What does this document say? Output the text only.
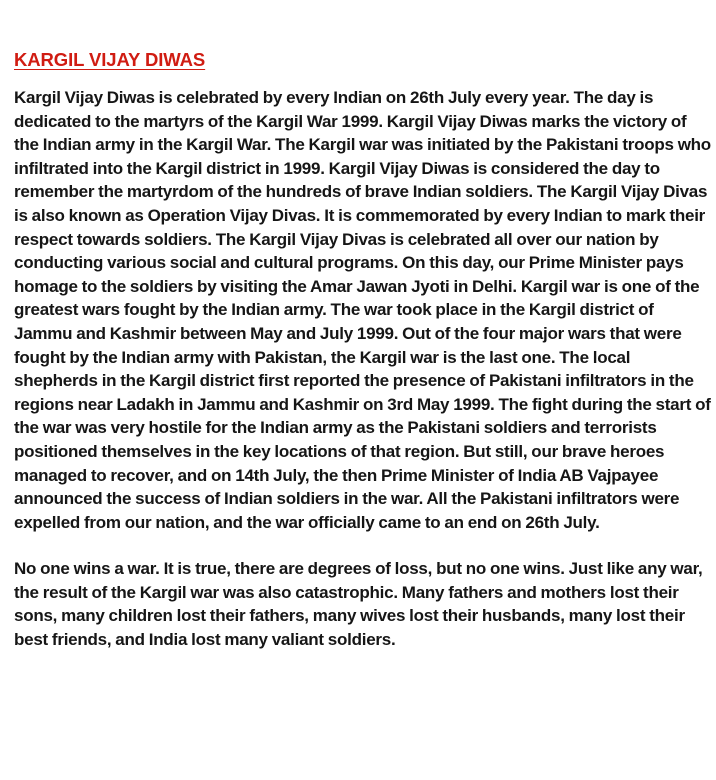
KARGIL VIJAY DIWAS

Kargil Vijay Diwas is celebrated by every Indian on 26th July every year. The day is dedicated to the martyrs of the Kargil War 1999. Kargil Vijay Diwas marks the victory of the Indian army in the Kargil War. The Kargil war was initiated by the Pakistani troops who infiltrated into the Kargil district in 1999. Kargil Vijay Diwas is considered the day to remember the martyrdom of the hundreds of brave Indian soldiers. The Kargil Vijay Divas is also known as Operation Vijay Divas. It is commemorated by every Indian to mark their respect towards soldiers. The Kargil Vijay Divas is celebrated all over our nation by conducting various social and cultural programs. On this day, our Prime Minister pays homage to the soldiers by visiting the Amar Jawan Jyoti in Delhi. Kargil war is one of the greatest wars fought by the Indian army. The war took place in the Kargil district of Jammu and Kashmir between May and July 1999. Out of the four major wars that were fought by the Indian army with Pakistan, the Kargil war is the last one. The local shepherds in the Kargil district first reported the presence of Pakistani infiltrators in the regions near Ladakh in Jammu and Kashmir on 3rd May 1999. The fight during the start of the war was very hostile for the Indian army as the Pakistani soldiers and terrorists positioned themselves in the key locations of that region. But still, our brave heroes managed to recover, and on 14th July, the then Prime Minister of India AB Vajpayee announced the success of Indian soldiers in the war. All the Pakistani infiltrators were expelled from our nation, and the war officially came to an end on 26th July.

No one wins a war. It is true, there are degrees of loss, but no one wins. Just like any war, the result of the Kargil war was also catastrophic. Many fathers and mothers lost their sons, many children lost their fathers, many wives lost their husbands, many lost their best friends, and India lost many valiant soldiers.
